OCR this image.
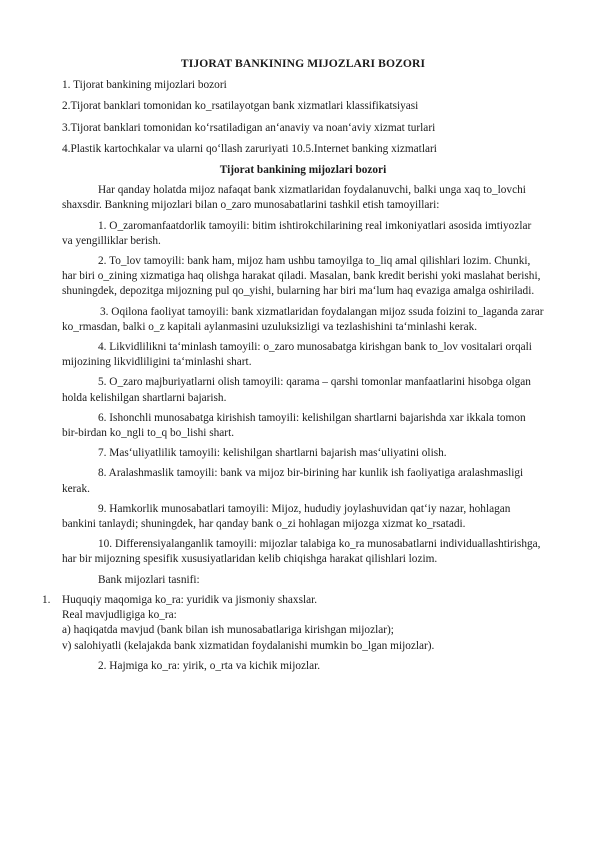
TIJORAT BANKINING MIJOZLARI BOZORI
1. Tijorat bankining mijozlari bozori
2.Tijorat banklari tomonidan ko_rsatilayotgan bank xizmatlari klassifikatsiyasi
3.Tijorat banklari tomonidan ko‘rsatiladigan an‘anaviy va noan‘aviy xizmat turlari
4.Plastik kartochkalar va ularni qo‘llash zaruriyati 10.5.Internet banking xizmatlari
Tijorat bankining mijozlari bozori

Har qanday holatda mijoz nafaqat bank xizmatlaridan foydalanuvchi, balki unga xaq to_lovchi shaxsdir. Bankning mijozlari bilan o_zaro munosabatlarini tashkil etish tamoyillari:

1. O_zaromanfaatdorlik tamoyili: bitim ishtirokchilarining real imkoniyatlari asosida imtiyozlar va yengilliklar berish.

2. To_lov tamoyili: bank ham, mijoz ham ushbu tamoyilga to_liq amal qilishlari lozim. Chunki, har biri o_zining xizmatiga haq olishga harakat qiladi. Masalan, bank kredit berishi yoki maslahat berishi, shuningdek, depozitga mijozning pul qo_yishi, bularning har biri ma‘lum haq evaziga amalga oshiriladi.

3. Oqilona faoliyat tamoyili: bank xizmatlaridan foydalangan mijoz ssuda foizini to_laganda zarar ko_rmasdan, balki o_z kapitali aylanmasini uzuluksizligi va tezlashishini ta‘minlashi kerak.

4. Likvidlilikni ta‘minlash tamoyili: o_zaro munosabatga kirishgan bank to_lov vositalari orqali mijozining likvidliligini ta‘minlashi shart.

5. O_zaro majburiyatlarni olish tamoyili: qarama – qarshi tomonlar manfaatlarini hisobga olgan holda kelishilgan shartlarni bajarish.

6. Ishonchli munosabatga kirishish tamoyili: kelishilgan shartlarni bajarishda xar ikkala tomon bir-birdan ko_ngli to_q bo_lishi shart.

7. Mas‘uliyatlilik tamoyili: kelishilgan shartlarni bajarish mas‘uliyatini olish.

8. Aralashmaslik tamoyili: bank va mijoz bir-birining har kunlik ish faoliyatiga aralashmasligi kerak.

9. Hamkorlik munosabatlari tamoyili: Mijoz, hududiy joylashuvidan qat‘iy nazar, hohlagan bankini tanlaydi; shuningdek, har qanday bank o_zi hohlagan mijozga xizmat ko_rsatadi.

10. Differensiyalanganlik tamoyili: mijozlar talabiga ko_ra munosabatlarni individuallashtirishga, har bir mijozning spesifik xususiyatlaridan kelib chiqishga harakat qilishlari lozim.

Bank mijozlari tasnifi:

1. Huquqiy maqomiga ko_ra: yuridik va jismoniy shaxslar.
Real mavjudligiga ko_ra:
a) haqiqatda mavjud (bank bilan ish munosabatlariga kirishgan mijozlar);
v) salohiyatli (kelajakda bank xizmatidan foydalanishi mumkin bo_lgan mijozlar).

2. Hajmiga ko_ra: yirik, o_rta va kichik mijozlar.
